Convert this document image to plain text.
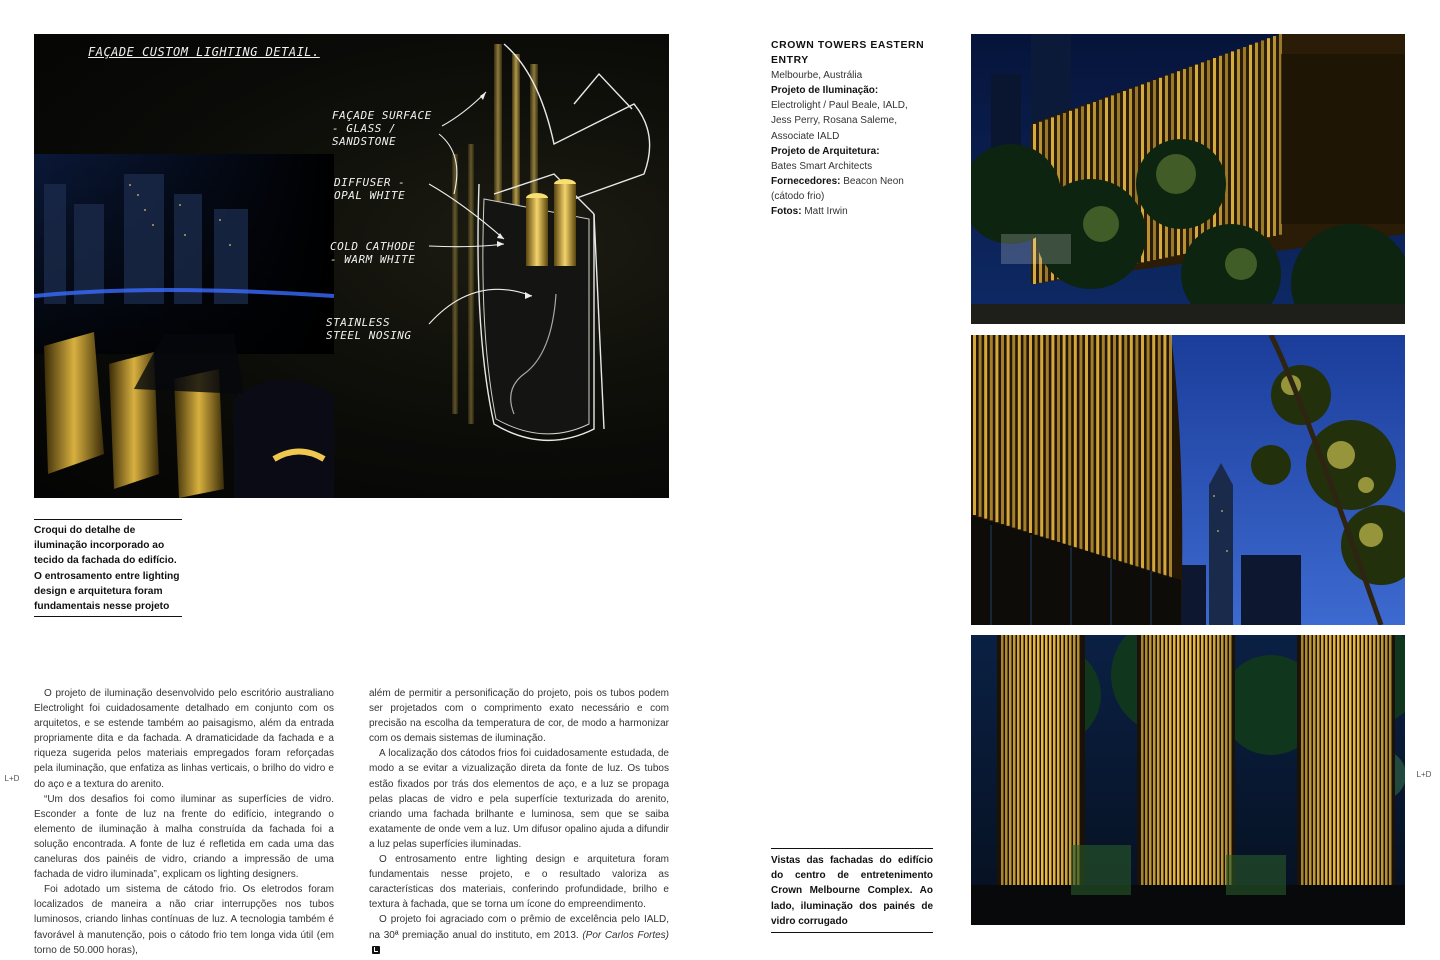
FAÇADE CUSTOM LIGHTING DETAIL.
FAÇADE SURFACE - GLASS / SANDSTONE
DIFFUSER - OPAL WHITE
COLD CATHODE - WARM WHITE
STAINLESS STEEL NOSING
Croqui do detalhe de iluminação incorporado ao tecido da fachada do edifício. O entrosamento entre lighting design e arquitetura foram fundamentais nesse projeto

O projeto de iluminação desenvolvido pelo escritório australiano Electrolight foi cuidadosamente detalhado em conjunto com os arquitetos, e se estende também ao paisagismo, além da entrada propriamente dita e da fachada. A dramaticidade da fachada e a riqueza sugerida pelos materiais empregados foram reforçadas pela iluminação, que enfatiza as linhas verticais, o brilho do vidro e do aço e a textura do arenito.

“Um dos desafios foi como iluminar as superfícies de vidro. Esconder a fonte de luz na frente do edifício, integrando o elemento de iluminação à malha construída da fachada foi a solução encontrada. A fonte de luz é refletida em cada uma das caneluras dos painéis de vidro, criando a impressão de uma fachada de vidro iluminada”, explicam os lighting designers.

Foi adotado um sistema de cátodo frio. Os eletrodos foram localizados de maneira a não criar interrupções nos tubos luminosos, criando linhas contínuas de luz. A tecnologia também é favorável à manutenção, pois o cátodo frio tem longa vida útil (em torno de 50.000 horas),

além de permitir a personificação do projeto, pois os tubos podem ser projetados com o comprimento exato necessário e com precisão na escolha da temperatura de cor, de modo a harmonizar com os demais sistemas de iluminação.

A localização dos cátodos frios foi cuidadosamente estudada, de modo a se evitar a vizualização direta da fonte de luz. Os tubos estão fixados por trás dos elementos de aço, e a luz se propaga pelas placas de vidro e pela superfície texturizada do arenito, criando uma fachada brilhante e luminosa, sem que se saiba exatamente de onde vem a luz. Um difusor opalino ajuda a difundir a luz pelas superfícies iluminadas.

O entrosamento entre lighting design e arquitetura foram fundamentais nesse projeto, e o resultado valoriza as características dos materiais, conferindo profundidade, brilho e textura à fachada, que se torna um ícone do empreendimento.

O projeto foi agraciado com o prêmio de excelência pelo IALD, na 30ª premiação anual do instituto, em 2013. (Por Carlos Fortes)

CROWN TOWERS EASTERN ENTRY
Melbourbe, Austrália
Projeto de Iluminação:
Electrolight / Paul Beale, IALD, Jess Perry, Rosana Saleme, Associate IALD
Projeto de Arquitetura:
Bates Smart Architects
Fornecedores: Beacon Neon (cátodo frio)
Fotos: Matt Irwin
Vistas das fachadas do edifício do centro de entretenimento Crown Melbourne Complex. Ao lado, iluminação dos painés de vidro corrugado
L+D	L+D
